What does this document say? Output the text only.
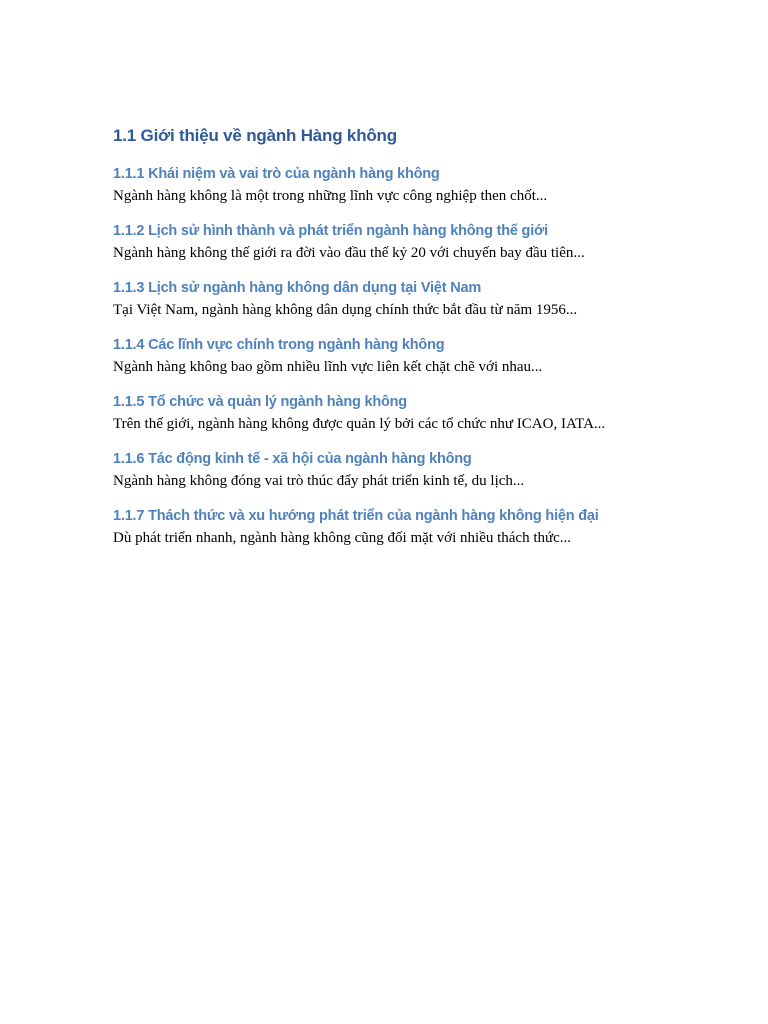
1.1 Giới thiệu về ngành Hàng không
1.1.1 Khái niệm và vai trò của ngành hàng không

Ngành hàng không là một trong những lĩnh vực công nghiệp then chốt...

1.1.2 Lịch sử hình thành và phát triển ngành hàng không thế giới

Ngành hàng không thế giới ra đời vào đầu thế kỷ 20 với chuyến bay đầu tiên...

1.1.3 Lịch sử ngành hàng không dân dụng tại Việt Nam

Tại Việt Nam, ngành hàng không dân dụng chính thức bắt đầu từ năm 1956...

1.1.4 Các lĩnh vực chính trong ngành hàng không

Ngành hàng không bao gồm nhiều lĩnh vực liên kết chặt chẽ với nhau...

1.1.5 Tổ chức và quản lý ngành hàng không

Trên thế giới, ngành hàng không được quản lý bởi các tổ chức như ICAO, IATA...

1.1.6 Tác động kinh tế - xã hội của ngành hàng không

Ngành hàng không đóng vai trò thúc đẩy phát triển kinh tế, du lịch...

1.1.7 Thách thức và xu hướng phát triển của ngành hàng không hiện đại

Dù phát triển nhanh, ngành hàng không cũng đối mặt với nhiều thách thức...
